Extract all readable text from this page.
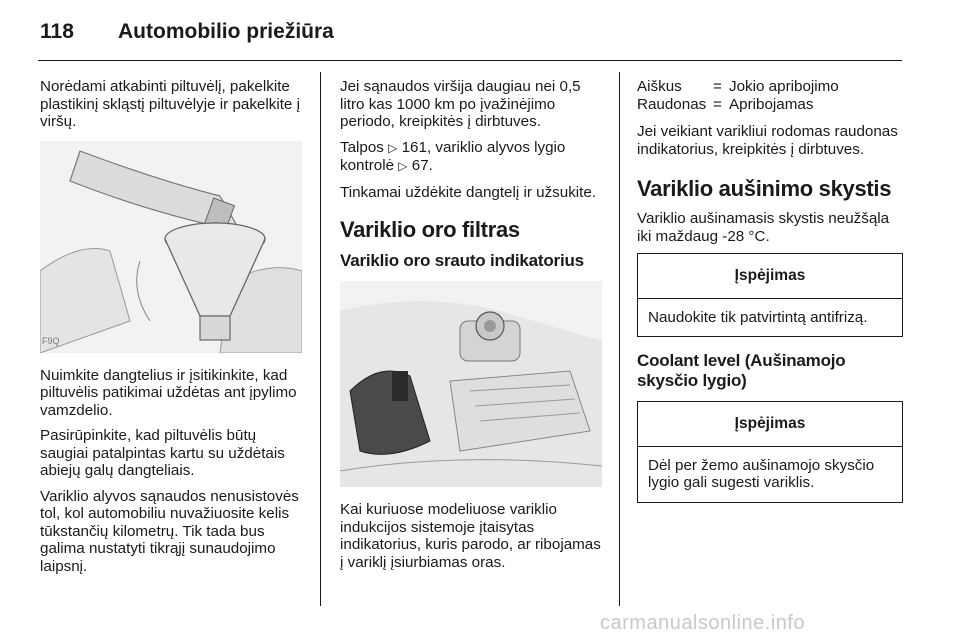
118 Automobilio priežiūra

Norėdami atkabinti piltuvėlį, pakelkite plastikinį skląstį piltuvėlyje ir pakelkite į viršų.

F9Q

Nuimkite dangtelius ir įsitikinkite, kad piltuvėlis patikimai uždėtas ant įpylimo vamzdelio.

Pasirūpinkite, kad piltuvėlis būtų saugiai patalpintas kartu su uždėtais abiejų galų dangteliais.

Variklio alyvos sąnaudos nenusistovės tol, kol automobiliu nuvažiuosite kelis tūkstančių kilometrų. Tik tada bus galima nustatyti tikrąjį sunaudojimo laipsnį.

Jei sąnaudos viršija daugiau nei 0,5 litro kas 1000 km po įvažinėjimo periodo, kreipkitės į dirbtuves.

Talpos ▷ 161, variklio alyvos lygio kontrolė ▷ 67.

Tinkamai uždėkite dangtelį ir užsukite.

Variklio oro filtras
Variklio oro srauto indikatorius

Kai kuriuose modeliuose variklio indukcijos sistemoje įtaisytas indikatorius, kuris parodo, ar ribojamas į variklį įsiurbiamas oras.

Aiškus	= Jokio apribojimo
Raudonas = Apribojamas

Jei veikiant varikliui rodomas raudonas indikatorius, kreipkitės į dirbtuves.

Variklio aušinimo skystis

Variklio aušinamasis skystis neužšąla iki maždaug -28 °C.

Įspėjimas
Naudokite tik patvirtintą antifrizą.
Coolant level (Aušinamojo skysčio lygio)
Įspėjimas
Dėl per žemo aušinamojo skysčio lygio gali sugesti variklis.
carmanualsonline.info
